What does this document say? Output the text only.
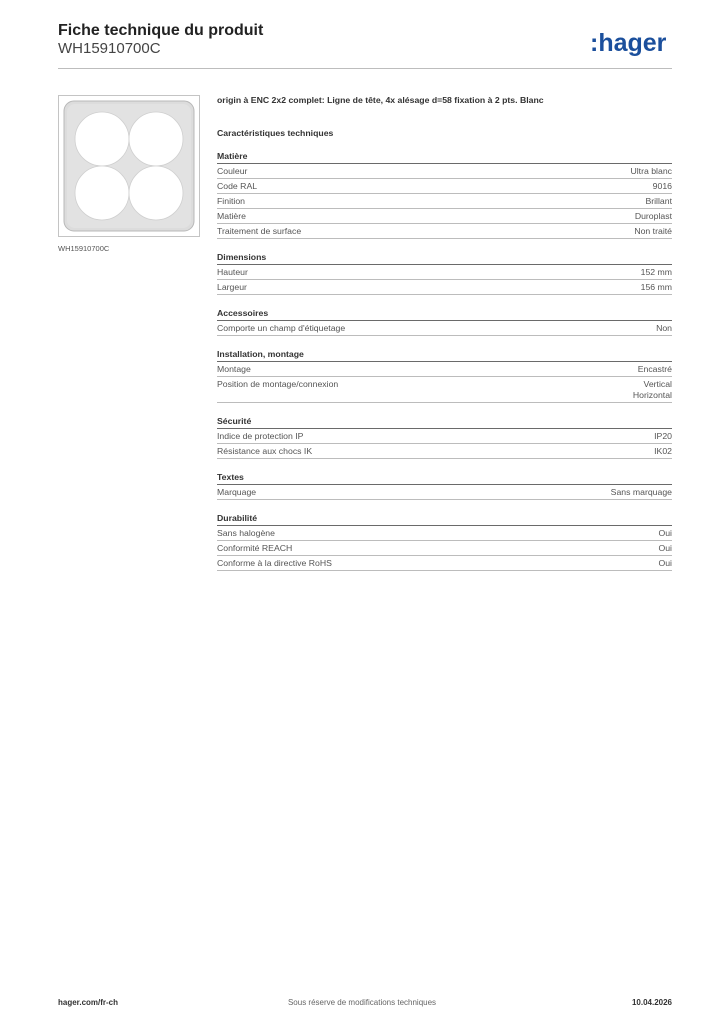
Fiche technique du produit
WH15910700C	:hager
WH15910700C
origin à ENC 2x2 complet: Ligne de tête, 4x alésage d=58 fixation à 2 pts. Blanc
Caractéristiques techniques
Matière
Couleur	Ultra blanc
Code RAL	9016
Finition	Brillant
Matière	Duroplast
Traitement de surface	Non traité
Dimensions
Hauteur	152 mm
Largeur	156 mm
Accessoires
Comporte un champ d'étiquetage	Non
Installation, montage
Montage	Encastré
Position de montage/connexion	Vertical
Horizontal
Sécurité
Indice de protection IP	IP20
Résistance aux chocs IK	IK02
Textes
Marquage	Sans marquage
Durabilité
Sans halogène	Oui
Conformité REACH	Oui
Conforme à la directive RoHS	Oui
hager.com/fr-ch	Sous réserve de modifications techniques	10.04.2026
